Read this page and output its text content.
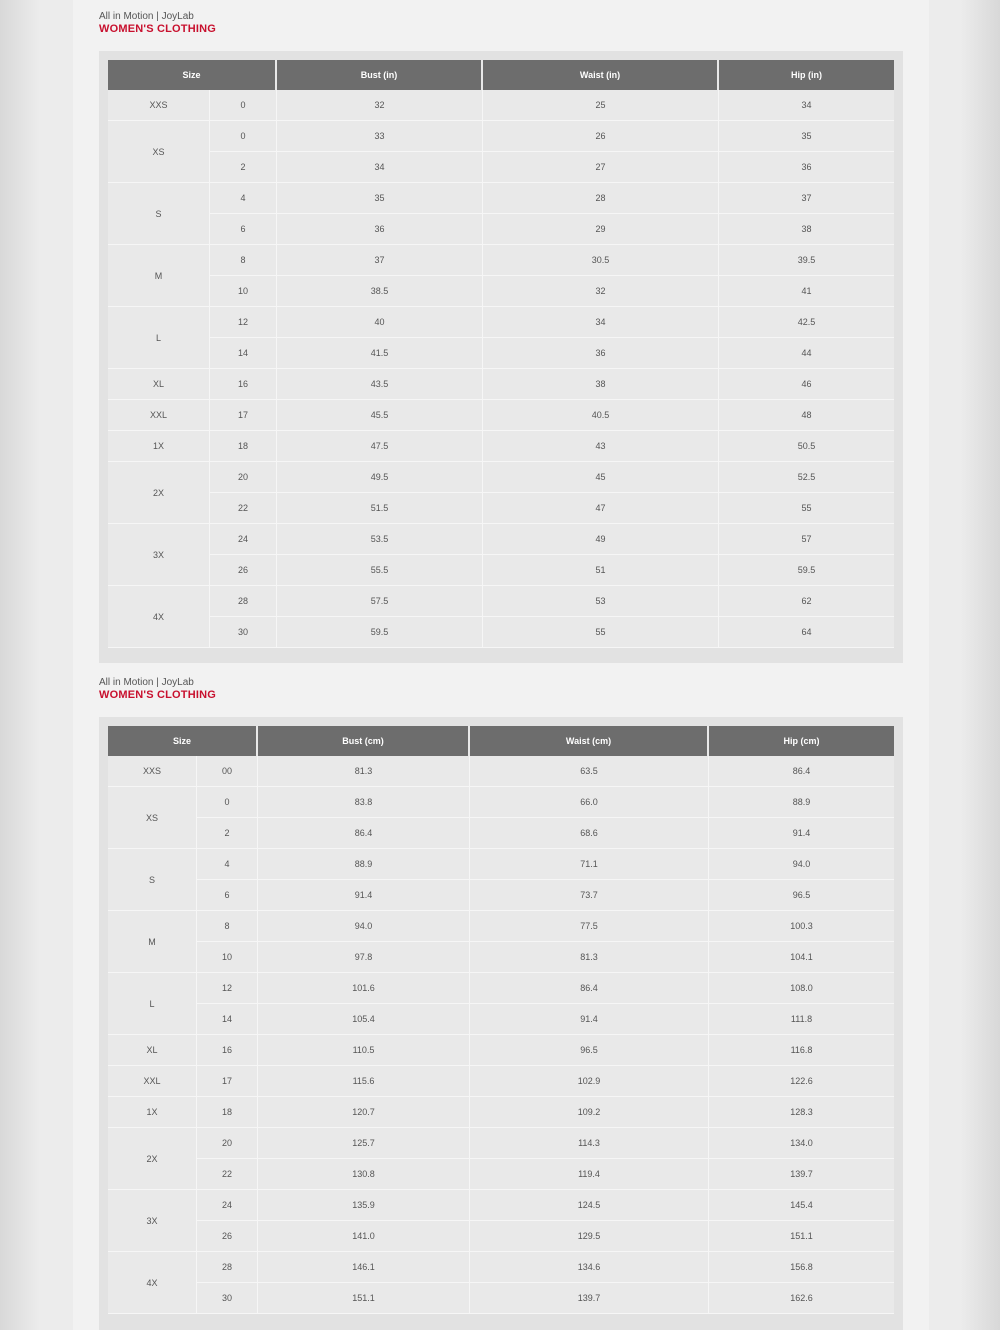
All in Motion | JoyLab
WOMEN'S CLOTHING
Size		Bust (in)	Waist (in)	Hip (in)
XXS	0	32	25	34
XS	0	33	26	35
	2	34	27	36
S	4	35	28	37
	6	36	29	38
M	8	37	30.5	39.5
	10	38.5	32	41
L	12	40	34	42.5
	14	41.5	36	44
XL	16	43.5	38	46
XXL	17	45.5	40.5	48
1X	18	47.5	43	50.5
2X	20	49.5	45	52.5
	22	51.5	47	55
3X	24	53.5	49	57
	26	55.5	51	59.5
4X	28	57.5	53	62
	30	59.5	55	64
All in Motion | JoyLab
WOMEN'S CLOTHING
Size		Bust (cm)	Waist (cm)	Hip (cm)
XXS	00	81.3	63.5	86.4
XS	0	83.8	66.0	88.9
	2	86.4	68.6	91.4
S	4	88.9	71.1	94.0
	6	91.4	73.7	96.5
M	8	94.0	77.5	100.3
	10	97.8	81.3	104.1
L	12	101.6	86.4	108.0
	14	105.4	91.4	111.8
XL	16	110.5	96.5	116.8
XXL	17	115.6	102.9	122.6
1X	18	120.7	109.2	128.3
2X	20	125.7	114.3	134.0
	22	130.8	119.4	139.7
3X	24	135.9	124.5	145.4
	26	141.0	129.5	151.1
4X	28	146.1	134.6	156.8
	30	151.1	139.7	162.6
